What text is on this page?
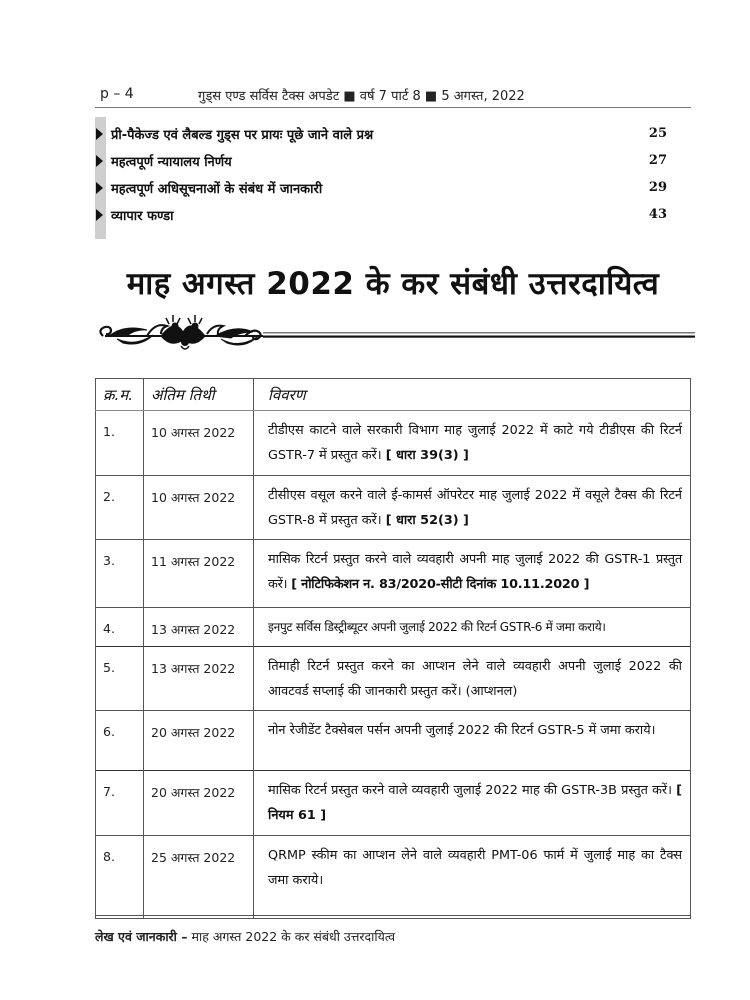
p – 4	गुड्स एण्ड सर्विस टैक्स अपडेट ■ वर्ष 7 पार्ट 8 ■ 5 अगस्त, 2022
प्री-पैकेज्ड एवं लैबल्ड गुड्स पर प्रायः पूछे जाने वाले प्रश्न	25
महत्वपूर्ण न्यायालय निर्णय	27
महत्वपूर्ण अधिसूचनाओं के संबंध में जानकारी	29
व्यापार फण्डा	43
माह अगस्त 2022 के कर संबंधी उत्तरदायित्व
क्र.म.	अंतिम तिथी	विवरण
1.	10 अगस्त 2022	टीडीएस काटने वाले सरकारी विभाग माह जुलाई 2022 में काटे गये टीडीएस की रिटर्न GSTR-7 में प्रस्तुत करें। [ धारा 39(3) ]
2.	10 अगस्त 2022	टीसीएस वसूल करने वाले ई-कामर्स ऑपरेटर माह जुलाई 2022 में वसूले टैक्स की रिटर्न GSTR-8 में प्रस्तुत करें। [ धारा 52(3) ]
3.	11 अगस्त 2022	मासिक रिटर्न प्रस्तुत करने वाले व्यवहारी अपनी माह जुलाई 2022 की GSTR-1 प्रस्तुत करें। [ नोटिफिकेशन न. 83/2020-सीटी दिनांक 10.11.2020 ]
4.	13 अगस्त 2022	इनपुट सर्विस डिस्ट्रीब्यूटर अपनी जुलाई 2022 की रिटर्न GSTR-6 में जमा कराये।
5.	13 अगस्त 2022	तिमाही रिटर्न प्रस्तुत करने का आप्शन लेने वाले व्यवहारी अपनी जुलाई 2022 की आवटवर्ड सप्लाई की जानकारी प्रस्तुत करें। (आप्शनल)
6.	20 अगस्त 2022	नोन रेजीडेंट टैक्सेबल पर्सन अपनी जुलाई 2022 की रिटर्न GSTR-5 में जमा कराये।
7.	20 अगस्त 2022	मासिक रिटर्न प्रस्तुत करने वाले व्यवहारी जुलाई 2022 माह की GSTR-3B प्रस्तुत करें। [ नियम 61 ]
8.	25 अगस्त 2022	QRMP स्कीम का आप्शन लेने वाले व्यवहारी PMT-06 फार्म में जुलाई माह का टैक्स जमा कराये।
लेख एवं जानकारी – माह अगस्त 2022 के कर संबंधी उत्तरदायित्व
